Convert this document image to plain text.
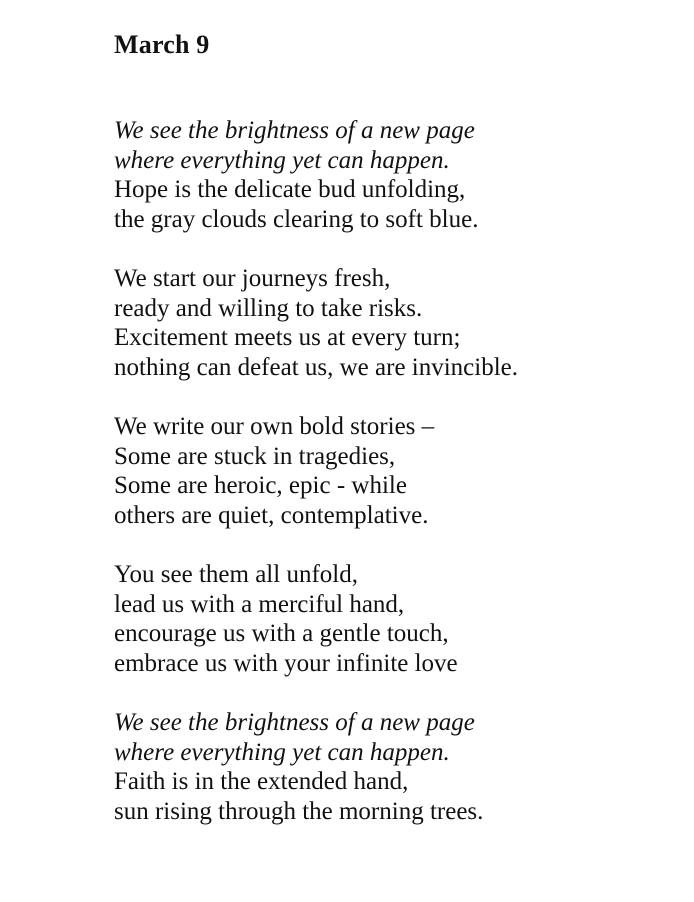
March 9
We see the brightness of a new page
where everything yet can happen.
Hope is the delicate bud unfolding,
the gray clouds clearing to soft blue.
We start our journeys fresh,
ready and willing to take risks.
Excitement meets us at every turn;
nothing can defeat us, we are invincible.
We write our own bold stories –
Some are stuck in tragedies,
Some are heroic, epic - while
others are quiet, contemplative.
You see them all unfold,
lead us with a merciful hand,
encourage us with a gentle touch,
embrace us with your infinite love
We see the brightness of a new page
where everything yet can happen.
Faith is in the extended hand,
sun rising through the morning trees.
